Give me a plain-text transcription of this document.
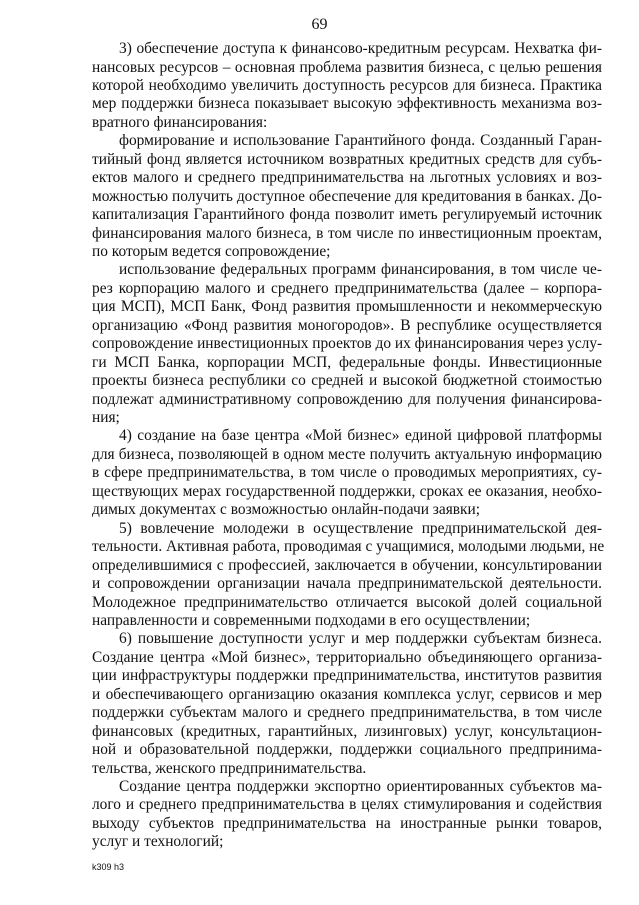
69
3) обеспечение доступа к финансово-кредитным ресурсам. Нехватка фи-
нансовых ресурсов – основная проблема развития бизнеса, с целью решения
которой необходимо увеличить доступность ресурсов для бизнеса. Практика
мер поддержки бизнеса показывает высокую эффективность механизма воз-
вратного финансирования:
формирование и использование Гарантийного фонда. Созданный Гаран-
тийный фонд является источником возвратных кредитных средств для субъ-
ектов малого и среднего предпринимательства на льготных условиях и воз-
можностью получить доступное обеспечение для кредитования в банках. До-
капитализация Гарантийного фонда позволит иметь регулируемый источник
финансирования малого бизнеса, в том числе по инвестиционным проектам,
по которым ведется сопровождение;
использование федеральных программ финансирования, в том числе че-
рез корпорацию малого и среднего предпринимательства (далее – корпора-
ция МСП), МСП Банк, Фонд развития промышленности и некоммерческую
организацию «Фонд развития моногородов». В республике осуществляется
сопровождение инвестиционных проектов до их финансирования через услу-
ги МСП Банка, корпорации МСП, федеральные фонды. Инвестиционные
проекты бизнеса республики со средней и высокой бюджетной стоимостью
подлежат административному сопровождению для получения финансирова-
ния;
4) создание на базе центра «Мой бизнес» единой цифровой платформы
для бизнеса, позволяющей в одном месте получить актуальную информацию
в сфере предпринимательства, в том числе о проводимых мероприятиях, су-
ществующих мерах государственной поддержки, сроках ее оказания, необхо-
димых документах с возможностью онлайн-подачи заявки;
5) вовлечение молодежи в осуществление предпринимательской дея-
тельности. Активная работа, проводимая с учащимися, молодыми людьми, не
определившимися с профессией, заключается в обучении, консультировании
и сопровождении организации начала предпринимательской деятельности.
Молодежное предпринимательство отличается высокой долей социальной
направленности и современными подходами в его осуществлении;
6) повышение доступности услуг и мер поддержки субъектам бизнеса.
Создание центра «Мой бизнес», территориально объединяющего организа-
ции инфраструктуры поддержки предпринимательства, институтов развития
и обеспечивающего организацию оказания комплекса услуг, сервисов и мер
поддержки субъектам малого и среднего предпринимательства, в том числе
финансовых (кредитных, гарантийных, лизинговых) услуг, консультацион-
ной и образовательной поддержки, поддержки социального предпринима-
тельства, женского предпринимательства.
Создание центра поддержки экспортно ориентированных субъектов ма-
лого и среднего предпринимательства в целях стимулирования и содействия
выходу субъектов предпринимательства на иностранные рынки товаров,
услуг и технологий;
k309 h3
